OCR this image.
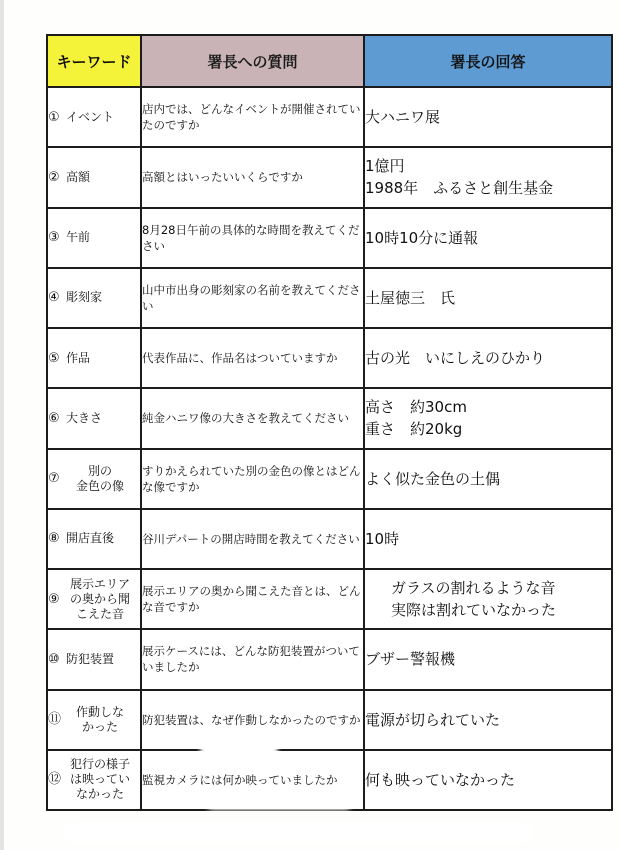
キーワード	署長への質問	署長の回答
① イベント	店内では、どんなイベントが開催されていたのですか	大ハニワ展
② 高額	高額とはいったいいくらですか	1億円
1988年　ふるさと創生基金
③ 午前	8月28日午前の具体的な時間を教えてください	10時10分に通報
④ 彫刻家	山中市出身の彫刻家の名前を教えてください	土屋徳三　氏
⑤ 作品	代表作品に、作品名はついていますか	古の光　いにしえのひかり
⑥ 大きさ	純金ハニワ像の大きさを教えてください	高さ　約30cm
重さ　約20kg
⑦別の
金色の像	すりかえられていた別の金色の像とはどんな像ですか	よく似た金色の土偶
⑧ 開店直後	谷川デパートの開店時間を教えてください	10時
⑨展示エリア
の奥から聞
こえた音	展示エリアの奥から聞こえた音とは、どんな音ですか	ガラスの割れるような音
実際は割れていなかった
⑩ 防犯装置	展示ケースには、どんな防犯装置がついていましたか	ブザー警報機
⑪作動しな
かった	防犯装置は、なぜ作動しなかったのですか	電源が切られていた
⑫犯行の様子
は映ってい
なかった	監視カメラには何か映っていましたか	何も映っていなかった
